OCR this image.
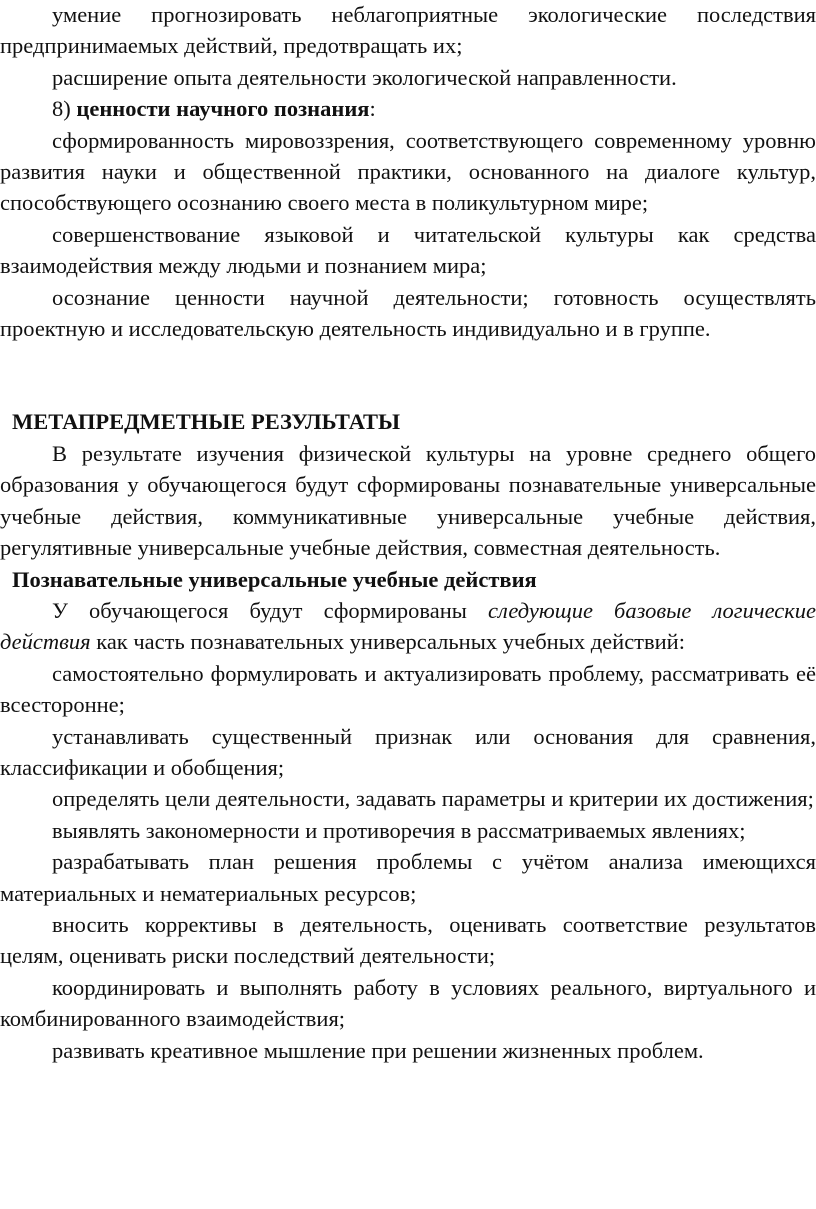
умение прогнозировать неблагоприятные экологические последствия предпринимаемых действий, предотвращать их;

расширение опыта деятельности экологической направленности.

8) ценности научного познания:

сформированность мировоззрения, соответствующего современному уровню развития науки и общественной практики, основанного на диалоге культур, способствующего осознанию своего места в поликультурном мире;

совершенствование языковой и читательской культуры как средства взаимодействия между людьми и познанием мира;

осознание ценности научной деятельности; готовность осуществлять проектную и исследовательскую деятельность индивидуально и в группе.

МЕТАПРЕДМЕТНЫЕ РЕЗУЛЬТАТЫ

В результате изучения физической культуры на уровне среднего общего образования у обучающегося будут сформированы познавательные универсальные учебные действия, коммуникативные универсальные учебные действия, регулятивные универсальные учебные действия, совместная деятельность.

Познавательные универсальные учебные действия

У обучающегося будут сформированы следующие базовые логические действия как часть познавательных универсальных учебных действий:

самостоятельно формулировать и актуализировать проблему, рассматривать её всесторонне;

устанавливать существенный признак или основания для сравнения, классификации и обобщения;

определять цели деятельности, задавать параметры и критерии их достижения;

выявлять закономерности и противоречия в рассматриваемых явлениях;

разрабатывать план решения проблемы с учётом анализа имеющихся материальных и нематериальных ресурсов;

вносить коррективы в деятельность, оценивать соответствие результатов целям, оценивать риски последствий деятельности;

координировать и выполнять работу в условиях реального, виртуального и комбинированного взаимодействия;

развивать креативное мышление при решении жизненных проблем.
